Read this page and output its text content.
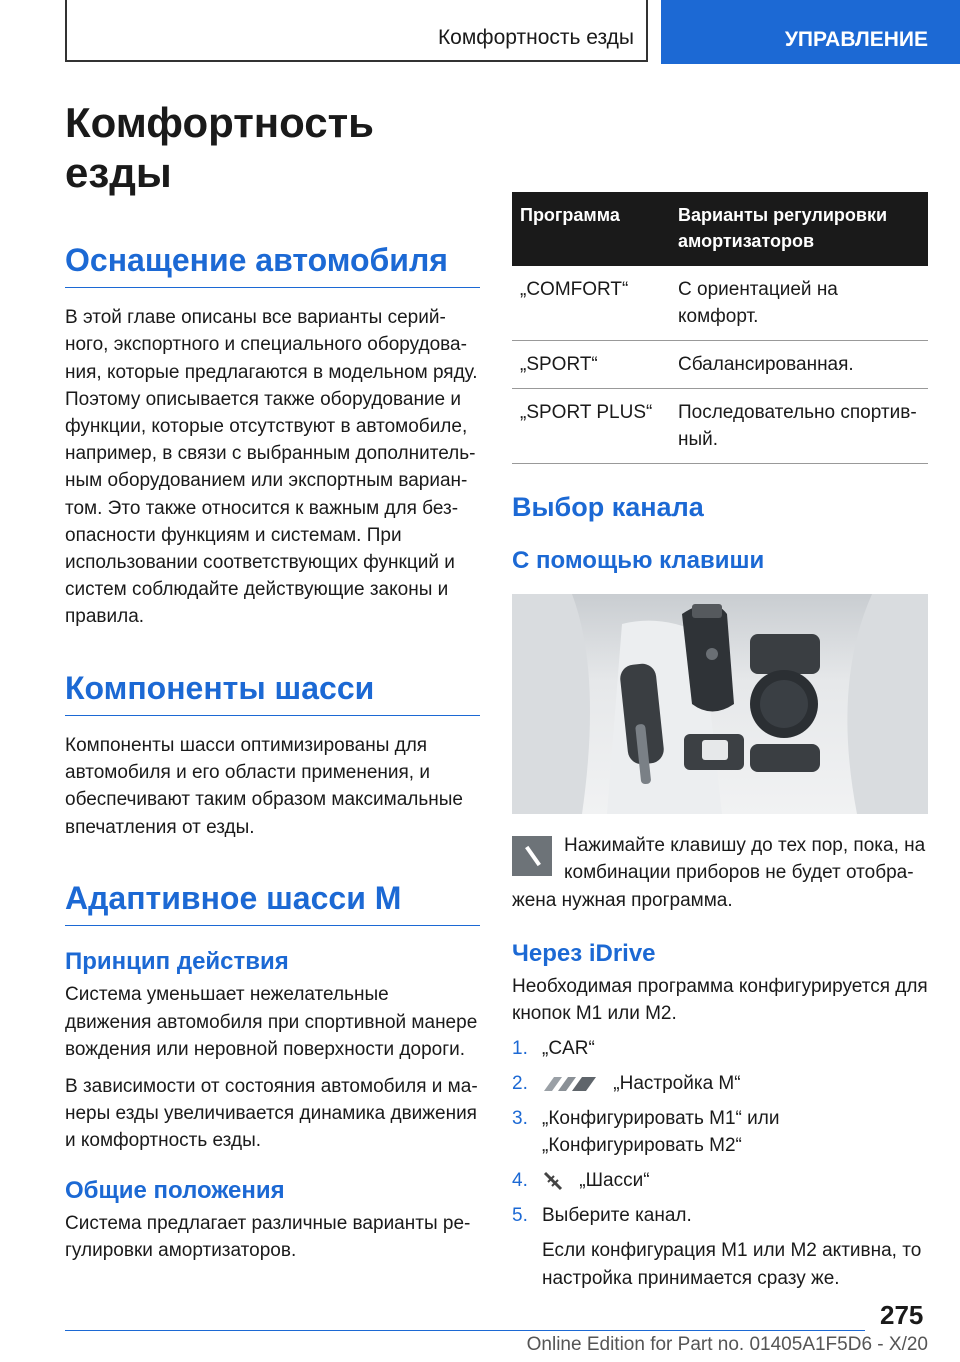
Комфортность езды	УПРАВЛЕНИЕ
Комфортность езды
Оснащение автомобиля

В этой главе описаны все варианты серийного, экспортного и специального оборудования, которые предлагаются в модельном ряду. Поэтому описывается также оборудование и функции, которые отсутствуют в автомобиле, например, в связи с выбранным дополнительным оборудованием или экспортным вариантом. Это также относится к важным для безопасности функциям и системам. При использовании соответствующих функций и систем соблюдайте действующие законы и правила.

Компоненты шасси

Компоненты шасси оптимизированы для автомобиля и его области применения, и обеспечивают таким образом максимальные впечатления от езды.

Адаптивное шасси M
Принцип действия

Система уменьшает нежелательные движения автомобиля при спортивной манере вождения или неровной поверхности дороги.

В зависимости от состояния автомобиля и манеры езды увеличивается динамика движения и комфортность езды.

Общие положения

Система предлагает различные варианты регулировки амортизаторов.

Программа	Варианты регулировки амортизаторов
„COMFORT“	С ориентацией на комфорт.
„SPORT“	Сбалансированная.
„SPORT PLUS“	Последовательно спортивный.
Выбор канала
С помощью клавиши

Нажимайте клавишу до тех пор, пока, на комбинации приборов не будет отображена нужная программа.

Через iDrive

Необходимая программа конфигурируется для кнопок M1 или M2.

1. „CAR“
2.	„Настройка M“
3. „Конфигурировать M1“ или „Конфигурировать M2“
4.	„Шасси“
5. Выберите канал.

Если конфигурация M1 или M2 активна, то настройка принимается сразу же.

275
Online Edition for Part no. 01405A1F5D6 - X/20
